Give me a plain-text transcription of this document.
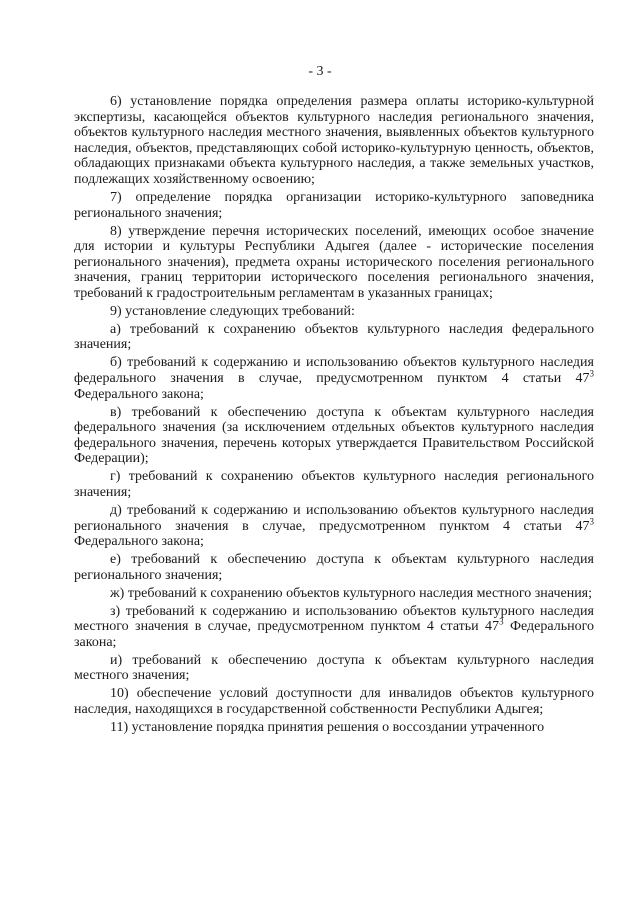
- 3 -

6) установление порядка определения размера оплаты историко-культурной экспертизы, касающейся объектов культурного наследия регионального значения, объектов культурного наследия местного значения, выявленных объектов культурного наследия, объектов, представляющих собой историко-культурную ценность, объектов, обладающих признаками объекта культурного наследия, а также земельных участков, подлежащих хозяйственному освоению;

7) определение порядка организации историко-культурного заповедника регионального значения;

8) утверждение перечня исторических поселений, имеющих особое значение для истории и культуры Республики Адыгея (далее - исторические поселения регионального значения), предмета охраны исторического поселения регионального значения, границ территории исторического поселения регионального значения, требований к градостроительным регламентам в указанных границах;

9) установление следующих требований:

а) требований к сохранению объектов культурного наследия федерального значения;

б) требований к содержанию и использованию объектов культурного наследия федерального значения в случае, предусмотренном пунктом 4 статьи $47^3$ Федерального закона;

в) требований к обеспечению доступа к объектам культурного наследия федерального значения (за исключением отдельных объектов культурного наследия федерального значения, перечень которых утверждается Правительством Российской Федерации);

г) требований к сохранению объектов культурного наследия регионального значения;

д) требований к содержанию и использованию объектов культурного наследия регионального значения в случае, предусмотренном пунктом 4 статьи $47^3$ Федерального закона;

е) требований к обеспечению доступа к объектам культурного наследия регионального значения;

ж) требований к сохранению объектов культурного наследия местного значения;

з) требований к содержанию и использованию объектов культурного наследия местного значения в случае, предусмотренном пунктом 4 статьи $47^3$ Федерального закона;

и) требований к обеспечению доступа к объектам культурного наследия местного значения;

10) обеспечение условий доступности для инвалидов объектов культурного наследия, находящихся в государственной собственности Республики Адыгея;

11) установление порядка принятия решения о воссоздании утраченного
